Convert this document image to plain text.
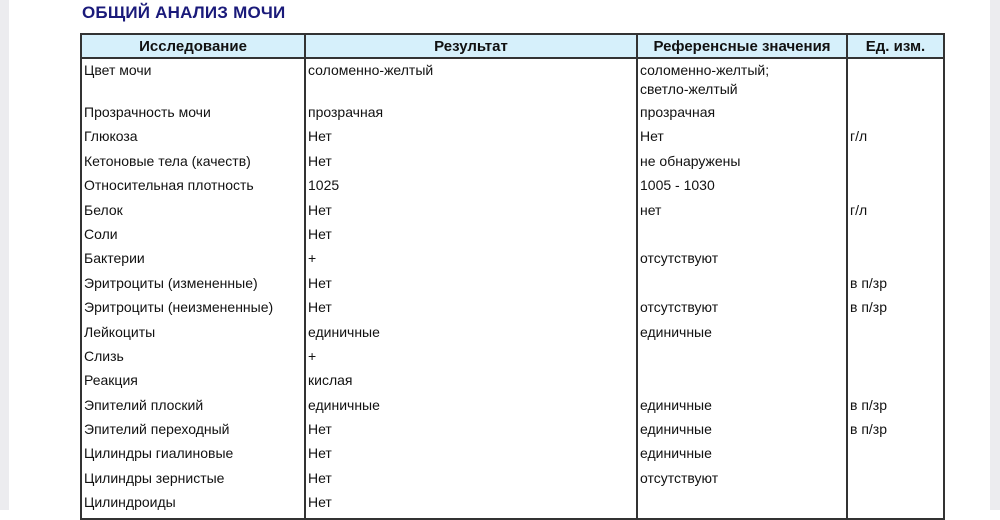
ОБЩИЙ АНАЛИЗ МОЧИ
Исследование	Результат	Референсные значения	Ед. изм.
Цвет мочи	соломенно-желтый	соломенно-желтый;
светло-желтый	

Прозрачность мочи	прозрачная	прозрачная	
Глюкоза	Нет	Нет	г/л
Кетоновые тела (качеств)	Нет	не обнаружены	
Относительная плотность	1025	1005 - 1030	
Белок	Нет	нет	г/л
Соли	Нет		
Бактерии	+	отсутствуют	
Эритроциты (измененные)	Нет		в п/зр
Эритроциты (неизмененные)	Нет	отсутствуют	в п/зр
Лейкоциты	единичные	единичные	
Слизь	+		
Реакция	кислая		
Эпителий плоский	единичные	единичные	в п/зр
Эпителий переходный	Нет	единичные	в п/зр
Цилиндры гиалиновые	Нет	единичные	
Цилиндры зернистые	Нет	отсутствуют	
Цилиндроиды	Нет		
